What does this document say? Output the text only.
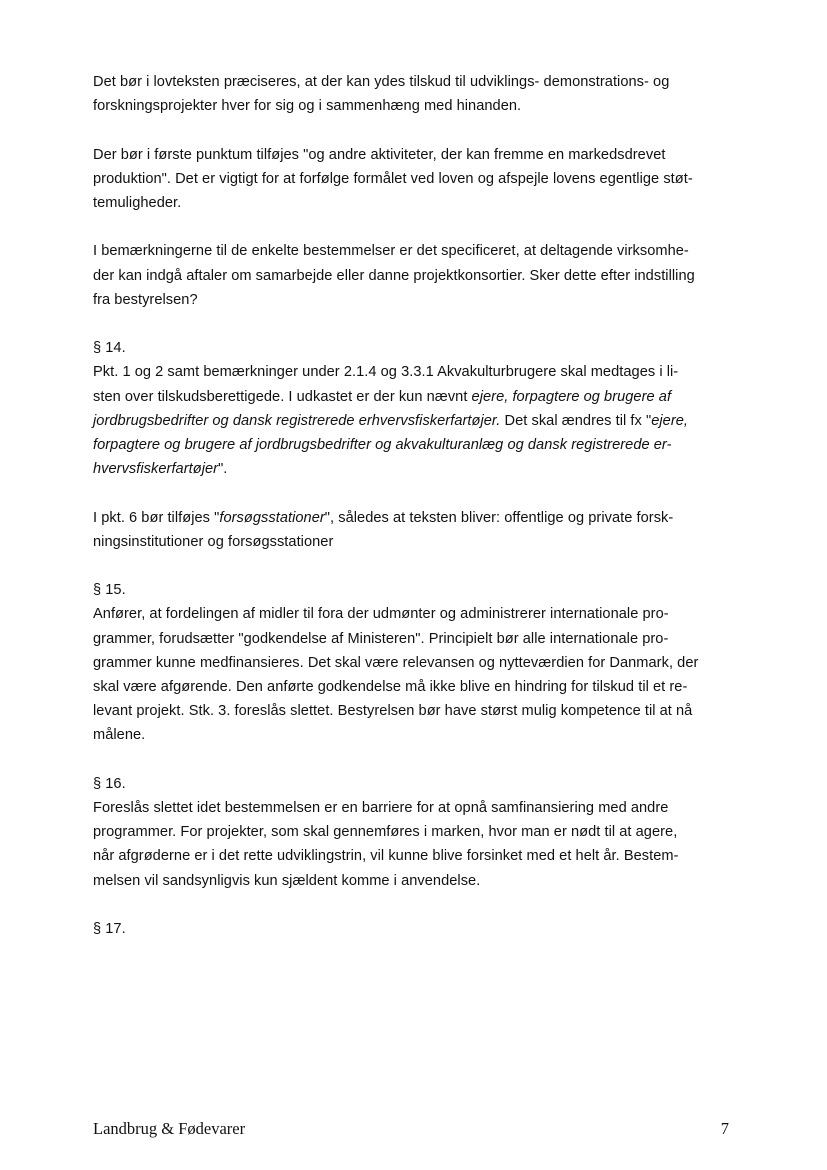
Det bør i lovteksten præciseres, at der kan ydes tilskud til udviklings- demonstrations- og
forskningsprojekter hver for sig og i sammenhæng med hinanden.

Der bør i første punktum tilføjes "og andre aktiviteter, der kan fremme en markedsdrevet
produktion". Det er vigtigt for at forfølge formålet ved loven og afspejle lovens egentlige støt-
temuligheder.

I bemærkningerne til de enkelte bestemmelser er det specificeret, at deltagende virksomhe-
der kan indgå aftaler om samarbejde eller danne projektkonsortier. Sker dette efter indstilling
fra bestyrelsen?

§ 14.
Pkt. 1 og 2 samt bemærkninger under 2.1.4 og 3.3.1 Akvakulturbrugere skal medtages i li-
sten over tilskudsberettigede. I udkastet er der kun nævnt ejere, forpagtere og brugere af
jordbrugsbedrifter og dansk registrerede erhvervsfiskerfartøjer. Det skal ændres til fx "ejere,
forpagtere og brugere af jordbrugsbedrifter og akvakulturanlæg og dansk registrerede er-
hvervsfiskerfartøjer".

I pkt. 6 bør tilføjes "forsøgsstationer", således at teksten bliver: offentlige og private forsk-
ningsinstitutioner og forsøgsstationer

§ 15.
Anfører, at fordelingen af midler til fora der udmønter og administrerer internationale pro-
grammer, forudsætter "godkendelse af Ministeren". Principielt bør alle internationale pro-
grammer kunne medfinansieres. Det skal være relevansen og nytteværdien for Danmark, der
skal være afgørende. Den anførte godkendelse må ikke blive en hindring for tilskud til et re-
levant projekt. Stk. 3. foreslås slettet. Bestyrelsen bør have størst mulig kompetence til at nå
målene.

§ 16.
Foreslås slettet idet bestemmelsen er en barriere for at opnå samfinansiering med andre
programmer. For projekter, som skal gennemføres i marken, hvor man er nødt til at agere,
når afgrøderne er i det rette udviklingstrin, vil kunne blive forsinket med et helt år. Bestem-
melsen vil sandsynligvis kun sjældent komme i anvendelse.

§ 17.

Landbrug & Fødevarer	7
